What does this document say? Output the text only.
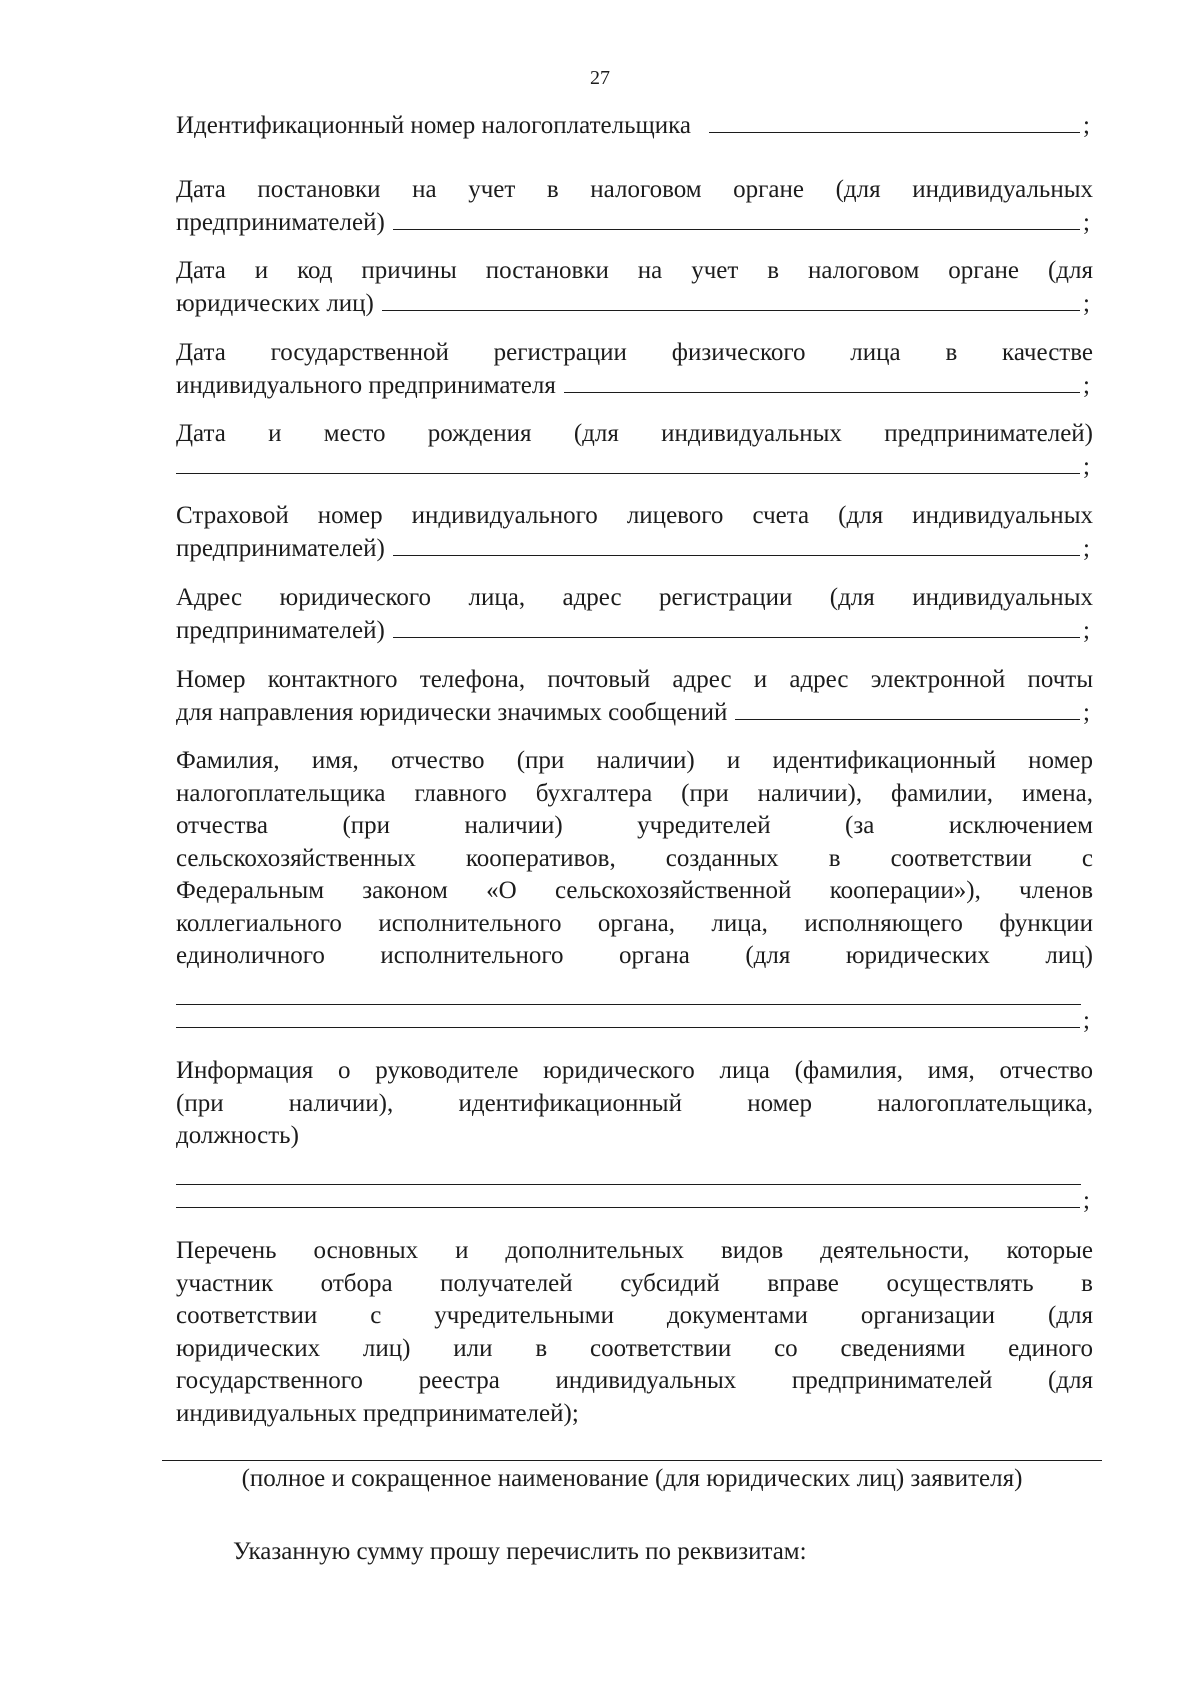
27
Идентификационный номер налогоплательщика	;
Дата постановки на учет в налоговом органе (для индивидуальных
предпринимателей)	;
Дата и код причины постановки на учет в налоговом органе (для
юридических лиц)	;
Дата государственной регистрации физического лица в качестве
индивидуального предпринимателя	;
Дата и место рождения (для индивидуальных предпринимателей)
;
Страховой номер индивидуального лицевого счета (для индивидуальных
предпринимателей)	;
Адрес юридического лица, адрес регистрации (для индивидуальных
предпринимателей)	;
Номер контактного телефона, почтовый адрес и адрес электронной почты
для направления юридически значимых сообщений	;
Фамилия, имя, отчество (при наличии) и идентификационный номер
налогоплательщика главного бухгалтера (при наличии), фамилии, имена,
отчества (при наличии) учредителей (за исключением
сельскохозяйственных кооперативов, созданных в соответствии с
Федеральным законом «О сельскохозяйственной кооперации»), членов
коллегиального исполнительного органа, лица, исполняющего функции
единоличного исполнительного органа (для юридических лиц)
;
Информация о руководителе юридического лица (фамилия, имя, отчество
(при наличии), идентификационный номер налогоплательщика,
должность)
;
Перечень основных и дополнительных видов деятельности, которые
участник отбора получателей субсидий вправе осуществлять в
соответствии с учредительными документами организации (для
юридических лиц) или в соответствии со сведениями единого
государственного реестра индивидуальных предпринимателей (для
индивидуальных предпринимателей);
(полное и сокращенное наименование (для юридических лиц) заявителя)
Указанную сумму прошу перечислить по реквизитам:
